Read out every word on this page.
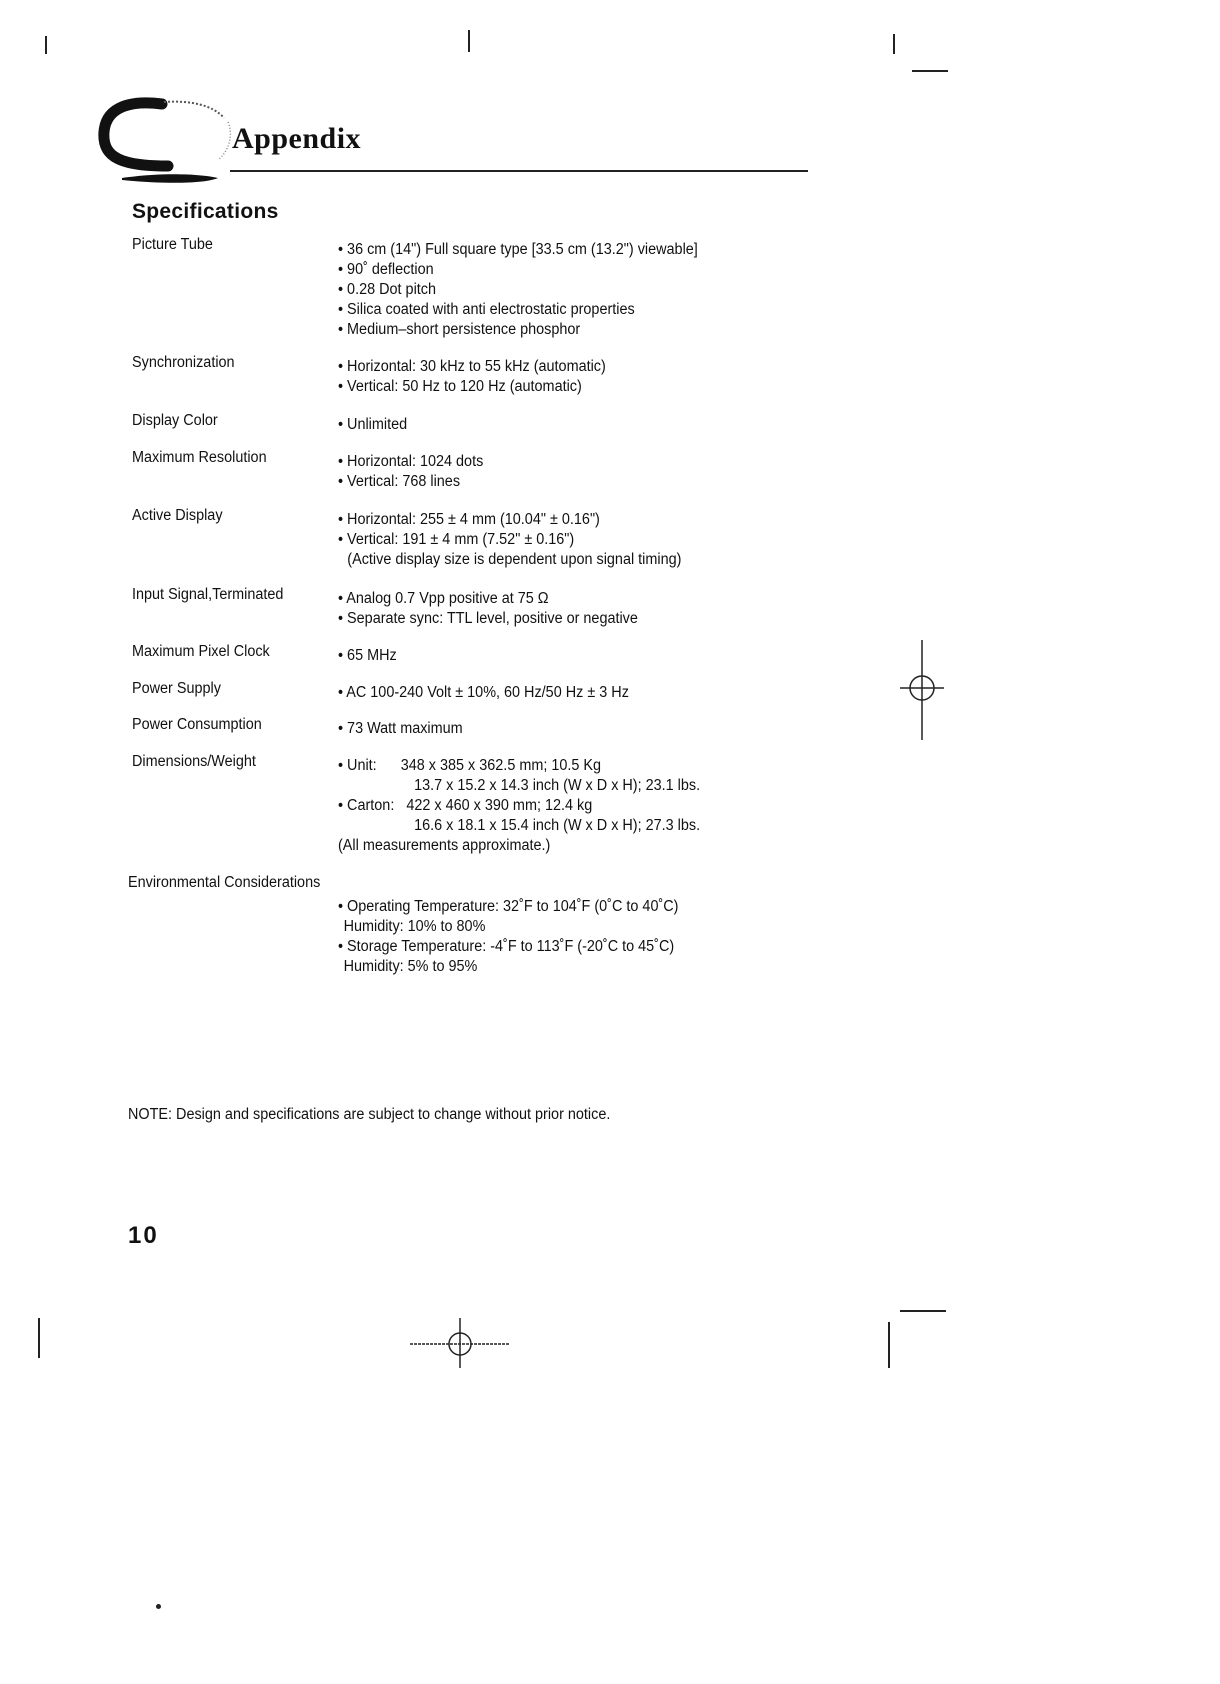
Appendix
Specifications
Picture Tube	• 36 cm (14") Full square type [33.5 cm (13.2") viewable]
• 90˚ deflection
• 0.28 Dot pitch
• Silica coated with anti electrostatic properties
• Medium–short persistence phosphor
Synchronization	• Horizontal: 30 kHz to 55 kHz (automatic)
• Vertical: 50 Hz to 120 Hz (automatic)
Display Color	• Unlimited
Maximum Resolution	• Horizontal: 1024 dots
• Vertical: 768 lines
Active Display	• Horizontal: 255 ± 4 mm (10.04" ± 0.16")
• Vertical: 191 ± 4 mm (7.52" ± 0.16")
(Active display size is dependent upon signal timing)
Input Signal,Terminated	• Analog 0.7 Vpp positive at 75 Ω
• Separate sync: TTL level, positive or negative
Maximum Pixel Clock	• 65 MHz
Power Supply	• AC 100-240 Volt ± 10%, 60 Hz/50 Hz ± 3 Hz
Power Consumption	• 73 Watt maximum
Dimensions/Weight	• Unit:      348 x 385 x 362.5 mm; 10.5 Kg
13.7 x 15.2 x 14.3 inch (W x D x H); 23.1 lbs.
• Carton:   422 x 460 x 390 mm; 12.4 kg
16.6 x 18.1 x 15.4 inch (W x D x H); 27.3 lbs.
(All measurements approximate.)
Environmental Considerations
• Operating Temperature: 32˚F to 104˚F (0˚C to 40˚C)
Humidity: 10% to 80%
• Storage Temperature: -4˚F to 113˚F (-20˚C to 45˚C)
Humidity: 5% to 95%
NOTE: Design and specifications are subject to change without prior notice.
10
